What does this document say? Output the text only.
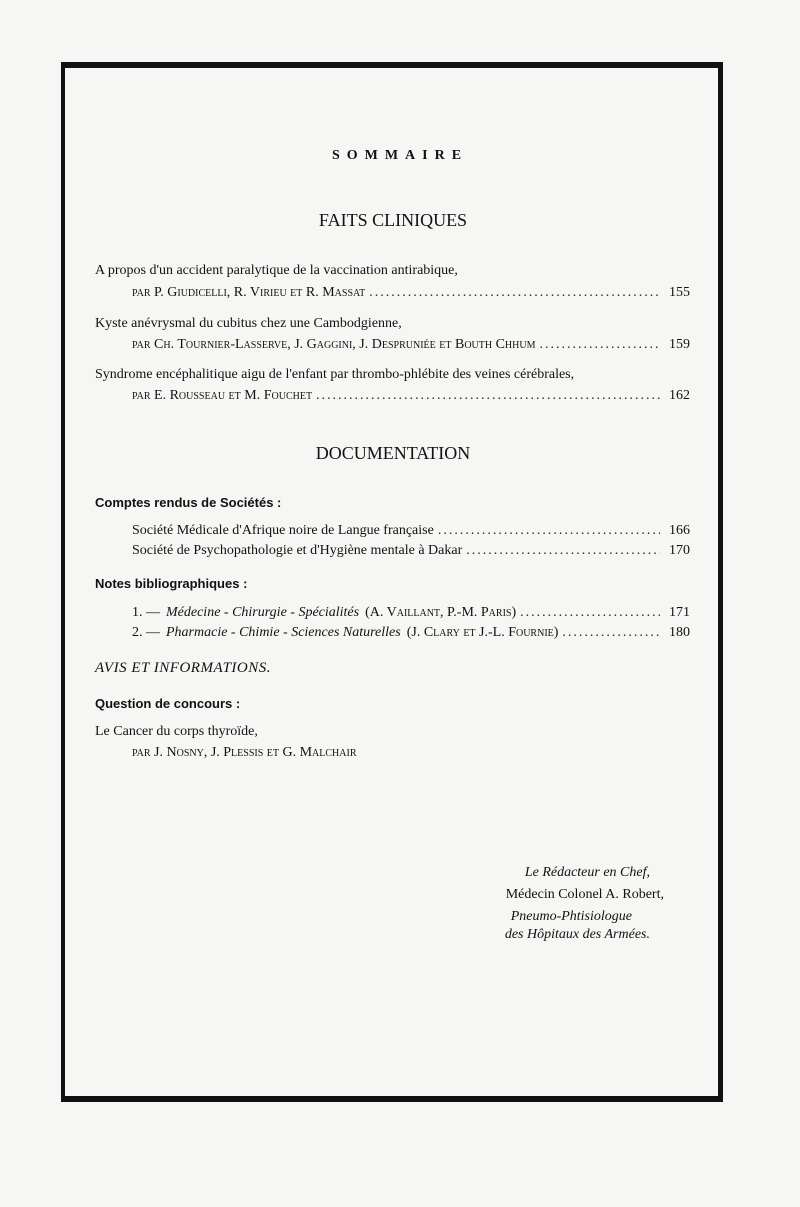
SOMMAIRE
FAITS CLINIQUES
A propos d'un accident paralytique de la vaccination antirabique,
par P. Giudicelli, R. Virieu et R. Massat .....	155
Kyste anévrysmal du cubitus chez une Cambodgienne,
par Ch. Tournier-Lasserve, J. Gaggini, J. Despruniée et Bouth Chhum .....	159
Syndrome encéphalitique aigu de l'enfant par thrombo-phlébite des veines cérébrales,
par E. Rousseau et M. Fouchet .....	162
DOCUMENTATION
Comptes rendus de Sociétés :
Société Médicale d'Afrique noire de Langue française .....	166
Société de Psychopathologie et d'Hygiène mentale à Dakar .....	170
Notes bibliographiques :
1. — Médecine - Chirurgie - Spécialités (A. Vaillant, P.-M. Paris) .....	171
2. — Pharmacie - Chimie - Sciences Naturelles (J. Clary et J.-L. Fournie) .....	180
AVIS ET INFORMATIONS.
Question de concours :
Le Cancer du corps thyroïde,
par J. Nosny, J. Plessis et G. Malchair
Le Rédacteur en Chef,
Médecin Colonel A. Robert,
Pneumo-Phtisiologue
des Hôpitaux des Armées.
